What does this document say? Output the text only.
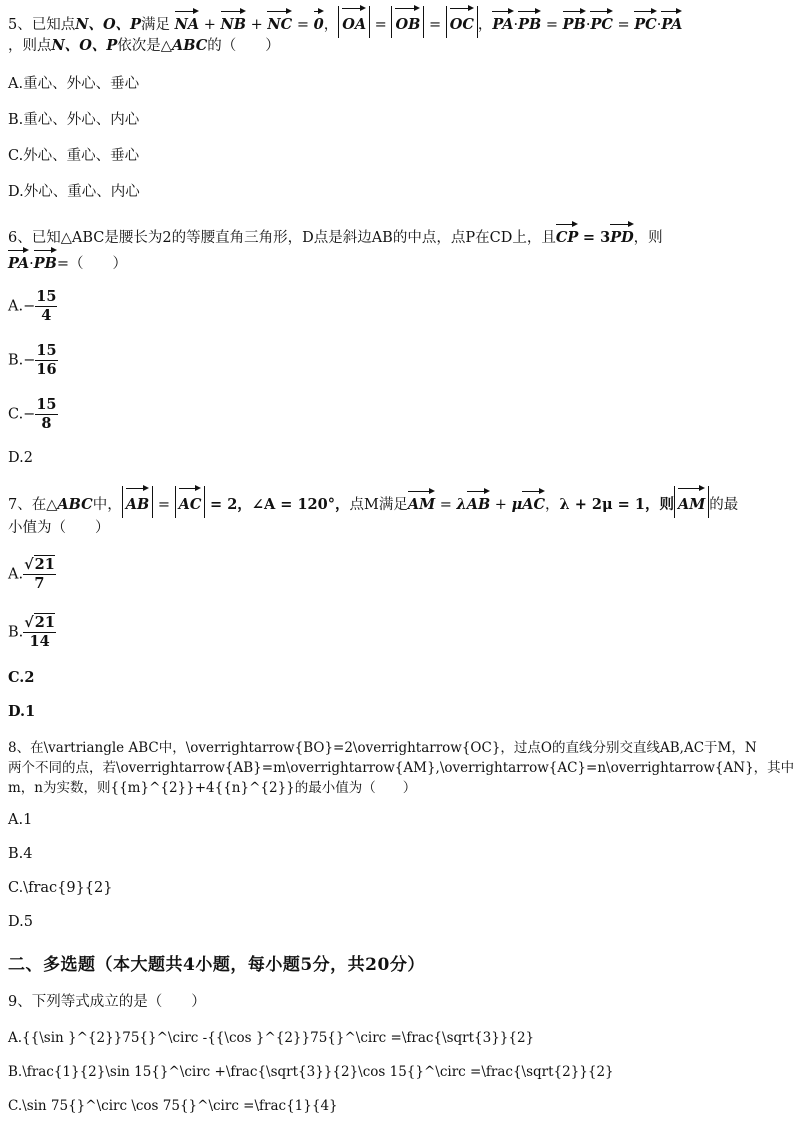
5、已知点N、O、P满足 NA + NB + NC = 0， OA = OB = OC ，PA·PB = PB·PC = PC·PA
，则点N、O、P依次是△ABC的（　　）
A.重心、外心、垂心
B.重心、外心、内心
C.外心、重心、垂心
D.外心、重心、内心
6、已知△ABC是腰长为2的等腰直角三角形，D点是斜边AB的中点，点P在CD上，且CP = 3PD，则
PA·PB=（　　）
$A.- \frac{15}{4}$
$B.- \frac{15}{16}$
$C.- \frac{15}{8}$
D.2
7、在△ABC中， AB = AC = 2，∠A = 120°，点M满足AM = λAB + μAC，λ + 2μ = 1，则 AM 的最
小值为（　　）
A. $\frac{√21}{7}$
B. $\frac{√21}{14}$
C.2
D.1
8、在\vartriangle ABC中，\overrightarrow{BO}=2\overrightarrow{OC}，过点O的直线分别交直线AB,AC于M，N
两个不同的点，若\overrightarrow{AB}=m\overrightarrow{AM},\overrightarrow{AC}=n\overrightarrow{AN}，其中
m，n为实数，则{{m}^{2}}+4{{n}^{2}}的最小值为（　　）
A.1
B.4
C.\frac{9}{2}
D.5
二、多选题（本大题共4小题，每小题5分，共20分）
9、下列等式成立的是（　　）
A.{{\sin }^{2}}75{}^\circ -{{\cos }^{2}}75{}^\circ =\frac{\sqrt{3}}{2}
B.\frac{1}{2}\sin 15{}^\circ +\frac{\sqrt{3}}{2}\cos 15{}^\circ =\frac{\sqrt{2}}{2}
C.\sin 75{}^\circ \cos 75{}^\circ =\frac{1}{4}
